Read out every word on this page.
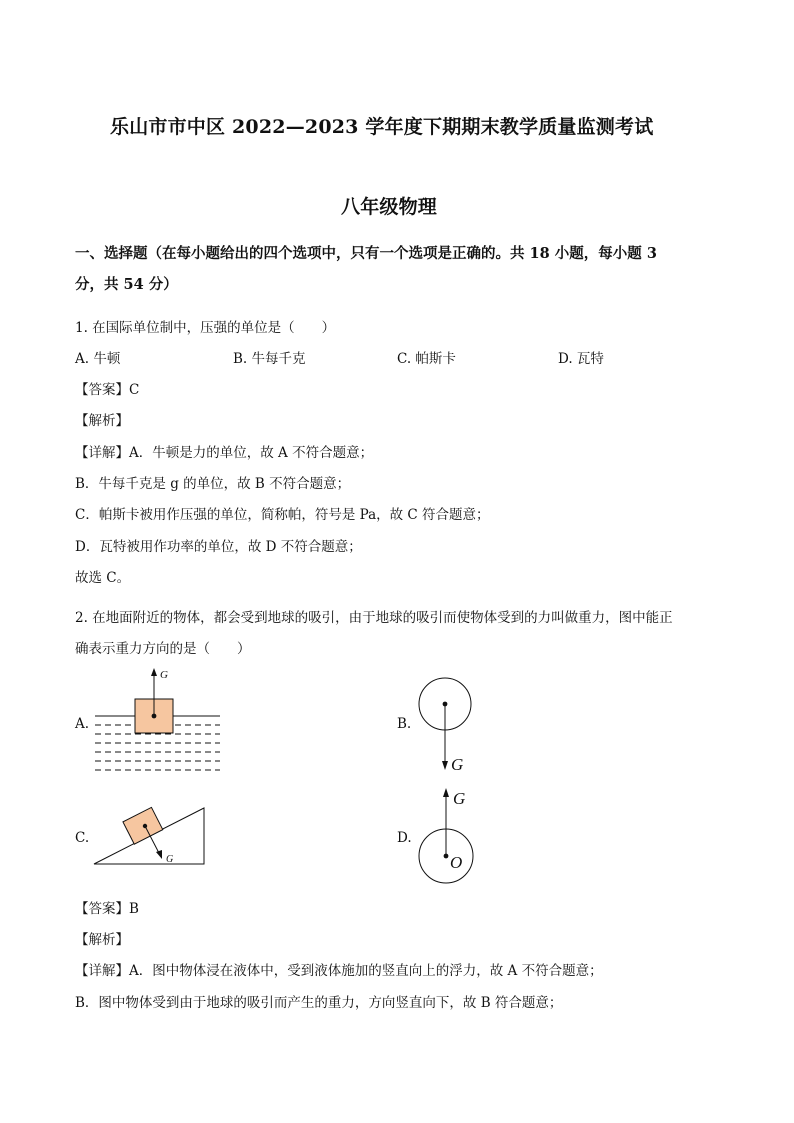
乐山市市中区 2022—2023 学年度下期期末教学质量监测考试
八年级物理
一、选择题（在每小题给出的四个选项中，只有一个选项是正确的。共 18 小题，每小题 3
分，共 54 分）
1. 在国际单位制中，压强的单位是（　　）
A. 牛顿	B. 牛每千克	C. 帕斯卡	D. 瓦特
【答案】C
【解析】
【详解】A．牛顿是力的单位，故 A 不符合题意；
B．牛每千克是 g 的单位，故 B 不符合题意；
C．帕斯卡被用作压强的单位，简称帕，符号是 Pa，故 C 符合题意；
D．瓦特被用作功率的单位，故 D 不符合题意；
故选 C。
2. 在地面附近的物体，都会受到地球的吸引，由于地球的吸引而使物体受到的力叫做重力，图中能正
确表示重力方向的是（　　）
A.	B.
C.	D.
G
G
G
G
O
【答案】B
【解析】
【详解】A．图中物体浸在液体中，受到液体施加的竖直向上的浮力，故 A 不符合题意；
B．图中物体受到由于地球的吸引而产生的重力，方向竖直向下，故 B 符合题意；
